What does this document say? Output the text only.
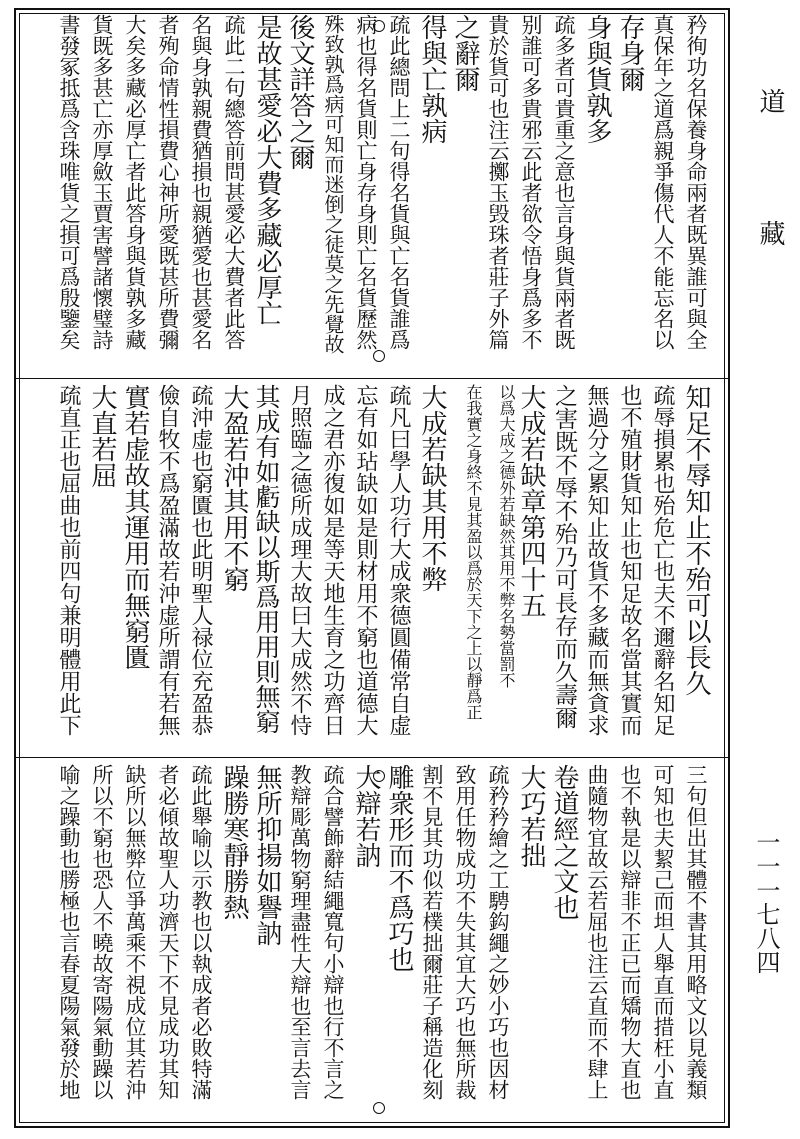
道　藏
一一一七八四
矜徇功名保養身命兩者既異誰可與全
真保年之道爲親爭傷代人不能忘名以
存身爾
身與貨孰多
疏多者可貴重之意也言身與貨兩者既
别誰可多貴邪云此者欲令悟身爲多不
貴於貨可也注云擲玉毁珠者莊子外篇
之辭爾
得與亡孰病
疏此總問上二句得名貨與亡名貨誰爲
病也得名貨則亡身存身則亡名貨歷然
殊致孰爲病可知而迷倒之徒莫之先覺故
後文詳答之爾
是故甚愛必大費多藏必厚亡
疏此二句總答前問甚愛必大費者此答
名與身孰親費猶損也親猶愛也甚愛名
者殉命情性損費心神所愛既甚所費彌
大矣多藏必厚亡者此答身與貨孰多藏
貨既多甚亡亦厚斂玉賈害譬諸懷璧詩
書發冢抵爲含珠唯貨之損可爲殷鑒矣
知足不辱知止不殆可以長久
疏辱損累也殆危亡也夫不邇辭名知足
也不殖財貨知止也知足故名當其實而
無過分之累知止故貨不多藏而無貪求
之害既不辱不殆乃可長存而久壽爾
大成若缺章第四十五
以爲大成之德外若缺然其用不弊名勢當罰不
在我實之身終不見其盈以爲於天下之上以靜爲正
大成若缺其用不弊
疏凡曰學人功行大成衆德圓備常自虚
忘有如玷缺如是則材用不窮也道德大
成之君亦復如是等天地生育之功齊日
月照臨之德所成理大故曰大成然不恃
其成有如虧缺以斯爲用用則無窮
大盈若沖其用不窮
疏沖虚也窮匱也此明聖人禄位充盈恭
儉自牧不爲盈滿故若沖虚所謂有若無
實若虚故其運用而無窮匱
大直若屈
疏直正也屈曲也前四句兼明體用此下
三句但出其體不書其用略文以見義類
可知也夫絜己而坦人舉直而措枉小直
也不執是以辯非不正已而矯物大直也
曲隨物宜故云若屈也注云直而不肆上
卷道經之文也
大巧若拙
疏矜矜繪之工騁鈎繩之妙小巧也因材
致用任物成功不失其宜大巧也無所裁
割不見其功似若樸拙爾莊子稱造化刻
雕衆形而不爲巧也
大辯若訥
疏合譬飾辭結繩寬句小辯也行不言之
教辯彫萬物窮理盡性大辯也至言去言
無所抑揚如譽訥
躁勝寒靜勝熱
疏此舉喻以示教也以執成者必敗特滿
者必傾故聖人功濟天下不見成功其知
缺所以無弊位爭萬乘不視成位其若沖
所以不窮也恐人不曉故寄陽氣動躁以
喻之躁動也勝極也言春夏陽氣發於地
